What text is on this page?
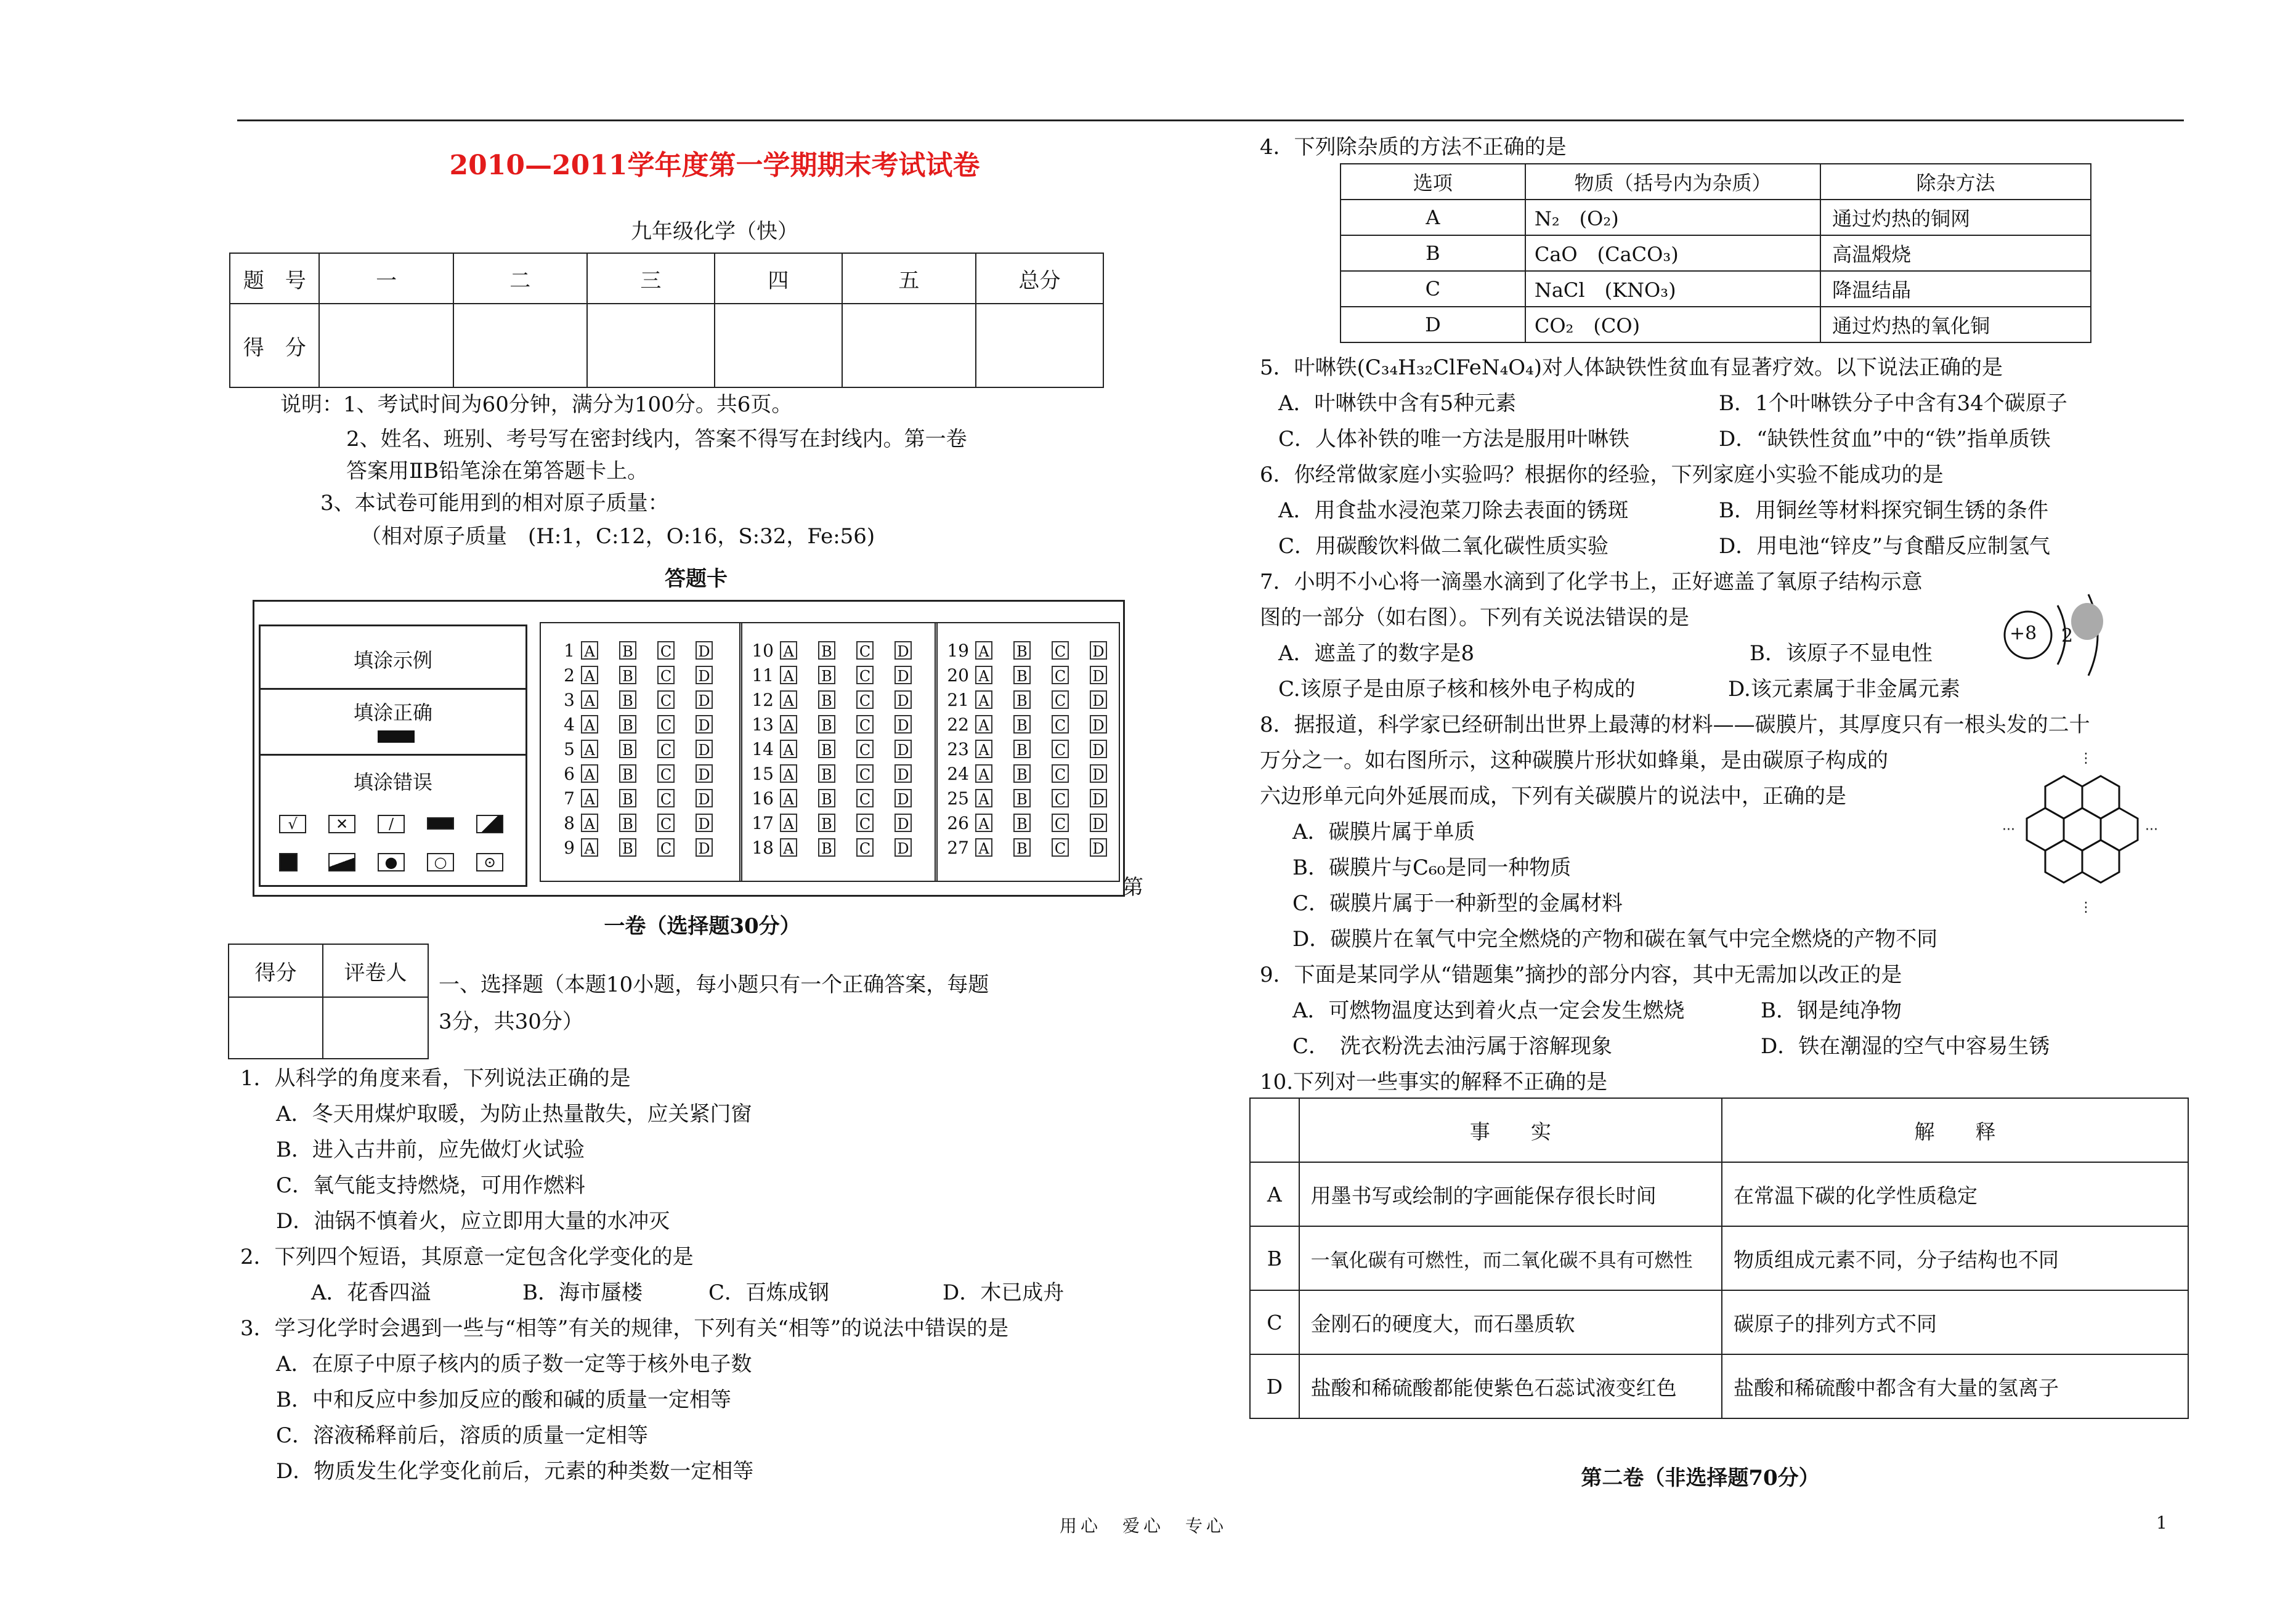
2010—2011学年度第一学期期末考试试卷
九年级化学（快）
题　号	一	二	三	四	五	总分
得　分						
说明：1、考试时间为60分钟，满分为100分。共6页。
2、姓名、班别、考号写在密封线内，答案不得写在封线内。第一卷
答案用ⅡB铅笔涂在第答题卡上。
3、本试卷可能用到的相对原子质量：
（相对原子质量　(H:1，C:12，O:16，S:32，Fe:56)
答题卡
填涂示例
填涂正确
填涂错误
√	✕	/
●	○	⊙
1 A B C D
2 A B C D
3 A B C D
4 A B C D
5 A B C D
6 A B C D
7 A B C D
8 A B C D
9 A B C D
10 A B C D
11 A B C D
12 A B C D
13 A B C D
14 A B C D
15 A B C D
16 A B C D
17 A B C D
18 A B C D
19 A B C D
20 A B C D
21 A B C D
22 A B C D
23 A B C D
24 A B C D
25 A B C D
26 A B C D
27 A B C D
第
一卷（选择题30分）
得分	评卷人
	一、选择题（本题10小题，每小题只有一个正确答案，每题
3分，共30分）
1．从科学的角度来看，下列说法正确的是
A．冬天用煤炉取暖，为防止热量散失，应关紧门窗
B．进入古井前，应先做灯火试验
C．氧气能支持燃烧，可用作燃料
D．油锅不慎着火，应立即用大量的水冲灭
2．下列四个短语，其原意一定包含化学变化的是
A．花香四溢	B．海市蜃楼	C．百炼成钢	D．木已成舟
3．学习化学时会遇到一些与“相等”有关的规律，下列有关“相等”的说法中错误的是
A．在原子中原子核内的质子数一定等于核外电子数
B．中和反应中参加反应的酸和碱的质量一定相等
C．溶液稀释前后，溶质的质量一定相等
D．物质发生化学变化前后，元素的种类数一定相等
4．下列除杂质的方法不正确的是
选项	物质（括号内为杂质）	除杂方法
A	N₂　(O₂)	通过灼热的铜网
B	CaO　(CaCO₃)	高温煅烧
C	NaCl　(KNO₃)	降温结晶
D	CO₂　(CO)	通过灼热的氧化铜
5．叶啉铁(C₃₄H₃₂ClFeN₄O₄)对人体缺铁性贫血有显著疗效。以下说法正确的是
A．叶啉铁中含有5种元素	B．1个叶啉铁分子中含有34个碳原子
C．人体补铁的唯一方法是服用叶啉铁	D．“缺铁性贫血”中的“铁”指单质铁
6．你经常做家庭小实验吗？根据你的经验，下列家庭小实验不能成功的是
A．用食盐水浸泡菜刀除去表面的锈斑	B．用铜丝等材料探究铜生锈的条件
C．用碳酸饮料做二氧化碳性质实验	D．用电池“锌皮”与食醋反应制氢气
7．小明不小心将一滴墨水滴到了化学书上，正好遮盖了氧原子结构示意
图的一部分（如右图）。下列有关说法错误的是
A．遮盖了的数字是8	B．该原子不显电性
C.该原子是由原子核和核外电子构成的	D.该元素属于非金属元素
+8 2
8．据报道，科学家已经研制出世界上最薄的材料——碳膜片，其厚度只有一根头发的二十
万分之一。如右图所示，这种碳膜片形状如蜂巢，是由碳原子构成的
六边形单元向外延展而成，下列有关碳膜片的说法中，正确的是
A．碳膜片属于单质
B．碳膜片与C₆₀是同一种物质
C．碳膜片属于一种新型的金属材料
D．碳膜片在氧气中完全燃烧的产物和碳在氧气中完全燃烧的产物不同
⋮
⋮
···	···
9．下面是某同学从“错题集”摘抄的部分内容，其中无需加以改正的是
A．可燃物温度达到着火点一定会发生燃烧	B．钢是纯净物
C．　洗衣粉洗去油污属于溶解现象	D．铁在潮湿的空气中容易生锈
10.下列对一些事实的解释不正确的是
	事　　实	解　　释
A	用墨书写或绘制的字画能保存很长时间	在常温下碳的化学性质稳定
B	一氧化碳有可燃性，而二氧化碳不具有可燃性	物质组成元素不同，分子结构也不同
C	金刚石的硬度大，而石墨质软	碳原子的排列方式不同
D	盐酸和稀硫酸都能使紫色石蕊试液变红色	盐酸和稀硫酸中都含有大量的氢离子
第二卷（非选择题70分）
用心　爱心　专心	1
